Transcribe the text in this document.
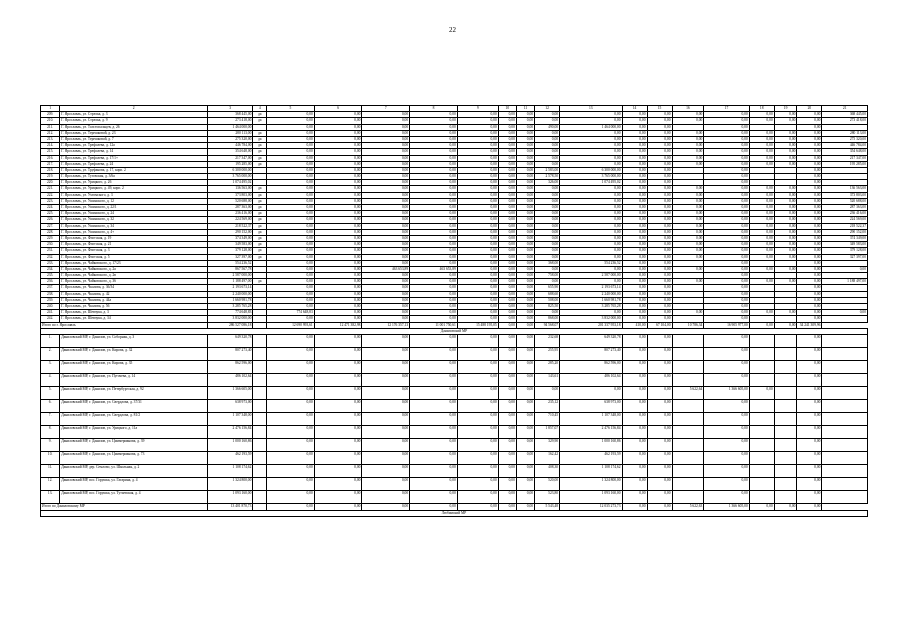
22
1	2	3	4	5	6	7	8	9	10	11	12	13	14	15	16	17	18	19	20	21
209.	Г. Ярославль, ул. Стрелка, д. 3	368 445,00	да	0,00	0,00	0,00	0,00	0,00	0,00	0,00	0,00	0,00	0,00	0,00	0,00	0,00	0,00	0,00	0,00	368 445,00
210.	Г. Ярославль, ул. Стрелка, д. 9	273 418,00	да	0,00	0,00	0,00	0,00	0,00	0,00	0,00	0,00	0,00	0,00	0,00	0,00	0,00	0,00	0,00	0,00	273 418,00
211.	Г. Ярославль, ул. Толстопальцев, д. 26	1 464 000,00		0,00	0,00	0,00	0,00	0,00	0,00	0,00	490,00	1 464 000,00	0,00	0,00		0,00			0,00	
212.	Г. Ярославль, ул. Терешковой, д. 23	280 113,00	да	0,00	0,00	0,00	0,00	0,00	0,00	0,00	0,00	0,00	0,00	0,00	0,00	0,00	0,00	0,00	0,00	280 113,00
213.	Г. Ярославль, ул. Терешковой, д. 7	275 320,00	да	0,00	0,00	0,00	0,00	0,00	0,00	0,00	0,00	0,00	0,00	0,00	0,00	0,00	0,00	0,00	0,00	275 320,00
214.	Г. Ярославль, ул. Трефолева, д. 12а	446 784,00	да	0,00	0,00	0,00	0,00	0,00	0,00	0,00	0,00	0,00	0,00	0,00	0,00	0,00	0,00	0,00	0,00	446 784,00
215.	Г. Ярославль, ул. Трефолева, д. 14	354 648,00	да	0,00	0,00	0,00	0,00	0,00	0,00	0,00	0,00	0,00	0,00	0,00	0,00	0,00	0,00	0,00	0,00	354 648,00
216.	Г. Ярославль, ул. Трефолева, д. 17/1+	217 347,00	да	0,00	0,00	0,00	0,00	0,00	0,00	0,00	0,00	0,00	0,00	0,00	0,00	0,00	0,00	0,00	0,00	217 347,00
217.	Г. Ярославль, ул. Трефолева, д. 24	195 285,00	да	0,00	0,00	0,00	0,00	0,00	0,00	0,00	0,00	0,00	0,00	0,00	0,00	0,00	0,00	0,00	0,00	195 285,00
218.	Г. Ярославль, ул. Труфанова, д. 17, корп. 2	6 300 000,00		0,00	0,00	0,00	0,00	0,00	0,00	0,00	2 583,00	6 300 000,00	0,00	0,00		0,00			0,00	
219.	Г. Ярославль, ул. Туговская, д. 3/6а	3 765 000,00		0,00	0,00	0,00	0,00	0,00	0,00	0,00	2 578,50	3 765 000,00	0,00	0,00		0,00			0,00	
220.	Г. Ярославль, ул. Урицкого, д. 26	1 074 495,02		0,00	0,00	0,00	0,00	0,00	0,00	0,00	326,00	1 074 495,02	0,00	0,00		0,00			0,00	
221.	Г. Ярославль, ул. Урицкого, д. 49, корп. 2	136 563,00	да	0,00	0,00	0,00	0,00	0,00	0,00	0,00	0,00	0,00	0,00	0,00	0,00	0,00	0,00	0,00	0,00	136 563,00
222.	Г. Ярославль, ул. Ухтомского, д. 3	373 803,00	да	0,00	0,00	0,00	0,00	0,00	0,00	0,00	0,00	0,00	0,00	0,00	0,00	0,00	0,00	0,00	0,00	373 803,00
223.	Г. Ярославль, ул. Ушинского, д. 12	520 688,00	да	0,00	0,00	0,00	0,00	0,00	0,00	0,00	0,00	0,00	0,00	0,00	0,00	0,00	0,00	0,00	0,00	520 688,00
224.	Г. Ярославль, ул. Ушинского, д. 22/1	287 363,00	да	0,00	0,00	0,00	0,00	0,00	0,00	0,00	0,00	0,00	0,00	0,00	0,00	0,00	0,00	0,00	0,00	287 363,00
225.	Г. Ярославль, ул. Ушинского, д. 24	236 416,00	да	0,00	0,00	0,00	0,00	0,00	0,00	0,00	0,00	0,00	0,00	0,00	0,00	0,00	0,00	0,00	0,00	236 416,00
226.	Г. Ярославль, ул. Ушинского, д. 32	224 569,00	да	0,00	0,00	0,00	0,00	0,00	0,00	0,00	0,00	0,00	0,00	0,00	0,00	0,00	0,00	0,00	0,00	224 569,00
227.	Г. Ярославль, ул. Ушинского, д. 34	218 522,37	да	0,00	0,00	0,00	0,00	0,00	0,00	0,00	0,00	0,00	0,00	0,00	0,00	0,00	0,00	0,00	0,00	218 522,37
228.	Г. Ярославль, ул. Ушинского, д. 4+	290 152,00	да	0,00	0,00	0,00	0,00	0,00	0,00	0,00	0,00	0,00	0,00	0,00	0,00	0,00	0,00	0,00	0,00	290 152,00
229.	Г. Ярославль, ул. Флотская, д. 19	374 349,00	да	0,00	0,00	0,00	0,00	0,00	0,00	0,00	0,00	0,00	0,00	0,00	0,00	0,00	0,00	0,00	0,00	374 349,00
230.	Г. Ярославль, ул. Флотская, д. 21	349 583,00	да	0,00	0,00	0,00	0,00	0,00	0,00	0,00	0,00	0,00	0,00	0,00	0,00	0,00	0,00	0,00	0,00	349 583,00
231.	Г. Ярославль, ул. Флотская, д. 3	379 128,00	да	0,00	0,00	0,00	0,00	0,00	0,00	0,00	0,00	0,00	0,00	0,00	0,00	0,00	0,00	0,00	0,00	379 128,00
232.	Г. Ярославль, ул. Флотская, д. 5	327 397,00	да	0,00	0,00	0,00	0,00	0,00	0,00	0,00	0,00	0,00	0,00	0,00	0,00	0,00	0,00	0,00	0,00	327 397,00
233.	Г. Ярославль, ул. Чайковского, д. 17/23	554 236,52		0,00	0,00	0,00	0,00	0,00	0,00	0,00	368,00	554 236,52	0,00	0,00		0,00			0,00	
234.	Г. Ярославль, ул. Чайковского, д. 2а	867 567,78		0,00	0,00	463 653,89	463 653,89	0,00	0,00	0,00	0,00	0,00	0,00	0,00	0,00	0,00	0,00	0,00	0,00	0,00
235.	Г. Ярославль, ул. Чайковского, д. 2в	2 587 000,00		0,00	0,00	0,00	0,00	0,00	0,00	0,00	758,00	2 587 000,00	0,00	0,00		0,00			0,00	
236.	Г. Ярославль, ул. Чайковского, д. 36	1 188 497,00	да	0,00	0,00	0,00	0,00	0,00	0,00	0,00	0,00	0,00	0,00	0,00	0,00	0,00	0,00	0,00	0,00	1 188 497,00
237.	Г. Ярославль, ул. Чкалова, д. 36/34	2 193 673,14		0,00	0,00	0,00	0,00	0,00	0,00	0,00	655,90	2 193 673,14	0,00	0,00		0,00			0,00	
238.	Г. Ярославль, ул. Чкалова, д. 42	2 240 000,00		0,00	0,00	0,00	0,00	0,00	0,00	0,00	688,60	2 240 000,00	0,00	0,00		0,00			0,00	
239.	Г. Ярославль, ул. Чкалова, д. 44а	1 660 981,78		0,00	0,00	0,00	0,00	0,00	0,00	0,00	508,00	1 660 981,78	0,00	0,00		0,00			0,00	
240.	Г. Ярославль, ул. Чкалова, д. 56	3 285 765,28		0,00	0,00	0,00	0,00	0,00	0,00	0,00	825,50	3 285 765,28	0,00	0,00		0,00			0,00	
241.	Г. Ярославль, ул. Шевчука, д. 3	774 648,83		774 648,83	0,00	0,00	0,00	0,00	0,00	0,00	0,00	0,00	0,00	0,00	0,00	0,00	0,00	0,00	0,00	0,00
242.	Г. Ярославль, ул. Шевчука, д. 34	3 832 000,00		0,00	0,00	0,00	0,00	0,00	0,00	0,00	868,00	3 832 000,00	0,00	0,00		0,00			0,00	
Итого по г. Ярославль		286 527 086,18		12 690 993,61	12 471 382,98	12 176 357,13	11 001 750,61	15 488 195,05	0,00	0,00	94 568,07	201 337 953,18	410,00	67 104,00	10 786,34	16 905 977,00	0,00	0,00	34 241 309,96	
Даниловский МР																				
1.	Даниловский МР, г. Данилов, ул. Соборная, д. 3	649 320,78		0,00	0,00	0,00	0,00	0,00	0,00	0,00	232,68	649 320,78	0,00	0,00		0,00			0,00	
2.	Даниловский МР, г. Данилов, ул. Кирова, д. 32	807 273,40		0,00	0,00	0,00	0,00	0,00	0,00	0,00	255,95	807 273,40	0,00	0,00		0,00			0,00	
3.	Даниловский МР, г. Данилов, ул. Кирова, д. 35	862 596,00		0,00	0,00	0,00	0,00	0,00	0,00	0,00	285,20	862 596,00	0,00	0,00		0,00			0,00	
4.	Даниловский МР, г. Данилов, ул. Пугачева, д. 14	486 102,64		0,00	0,00	0,00	0,00	0,00	0,00	0,00	143,61	486 102,64	0,00	0,00		0,00			0,00	
5.	Даниловский МР, г. Данилов, ул. Петербургская, д. 92	1 366 605,00		0,00	0,00	0,00	0,00	0,00	0,00	0,00	0,00	0,00	0,00	0,00	5 622,64	1 366 605,00	0,00		0,00	
6.	Даниловский МР, г. Данилов, ул. Свердлова, д. 37/31	638 973,00		0,00	0,00	0,00	0,00	0,00	0,00	0,00	235,12	638 973,00	0,00	0,00		0,00			0,00	
7.	Даниловский МР, г. Данилов, ул. Свердлова, д. 81/2	1 107 348,00		0,00	0,00	0,00	0,00	0,00	0,00	0,00	710,45	1 107 348,00	0,00	0,00		0,00			0,00	
8.	Даниловский МР, г. Данилов, ул. Урицкого, д. 11а	2 476 156,84		0,00	0,00	0,00	0,00	0,00	0,00	0,00	1 857,07	2 476 156,84	0,00	0,00		0,00			0,00	
9.	Даниловский МР, г. Данилов, ул. Циммерманова, д. 39	1 000 160,86		0,00	0,00	0,00	0,00	0,00	0,00	0,00	329,90	1 000 160,86	0,00	0,00		0,00			0,00	
10.	Даниловский МР, г. Данилов, ул. Циммерманова, д. 73	462 193,59		0,00	0,00	0,00	0,00	0,00	0,00	0,00	162,42	462 193,59	0,00	0,00		0,00			0,00	
11.	Даниловский МР, дер. Семлово, ул. Школьная, д. 2	1 108 174,62		0,00	0,00	0,00	0,00	0,00	0,00	0,00	408,30	1 108 174,62	0,00	0,00		0,00			0,00	
12.	Даниловский МР, пос. Горушка, ул. Гагарина, д. 4	1 324 800,00		0,00	0,00	0,00	0,00	0,00	0,00	0,00	520,00	1 324 800,00	0,00	0,00		0,00			0,00	
13.	Даниловский МР, пос. Горушка, ул. Тутаевская, д. 4	1 093 160,00		0,00	0,00	0,00	0,00	0,00	0,00	0,00	523,80	1 093 160,00	0,00	0,00		0,00			0,00	
Итого по Даниловскому МР		13 401 870,73		0,00	0,00	0,00	0,00	0,00	0,00	0,00	5 543,48	12 035 273,73	0,00	0,00	5 622,63	1 366 605,00	0,00	0,00	0,00	
Любимский МР																				
